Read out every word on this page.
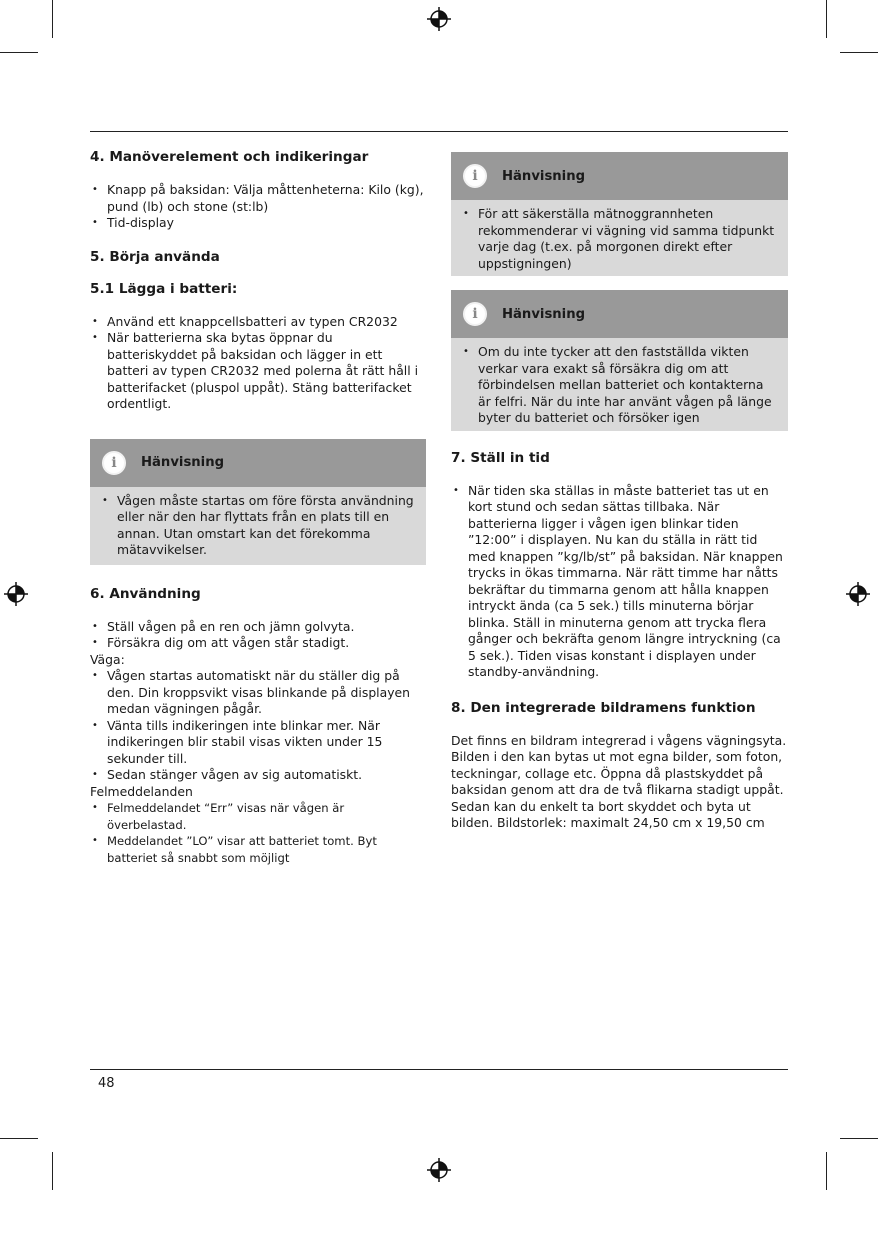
4. Manöverelement och indikeringar
• Knapp på baksidan: Välja måttenheterna: Kilo (kg), pund (lb) och stone (st:lb)
• Tid-display
5. Börja använda
5.1 Lägga i batteri:
• Använd ett knappcellsbatteri av typen CR2032
• När batterierna ska bytas öppnar du batteriskyddet på baksidan och lägger in ett batteri av typen CR2032 med polerna åt rätt håll i batterifacket (pluspol uppåt). Stäng batterifacket ordentligt.
i	Hänvisning
• Vågen måste startas om före första användning eller när den har flyttats från en plats till en annan. Utan omstart kan det förekomma mätavvikelser.
6. Användning
• Ställ vågen på en ren och jämn golvyta.
• Försäkra dig om att vågen står stadigt.

Väga:

• Vågen startas automatiskt när du ställer dig på den. Din kroppsvikt visas blinkande på displayen medan vägningen pågår.
• Vänta tills indikeringen inte blinkar mer. När indikeringen blir stabil visas vikten under 15 sekunder till.
• Sedan stänger vågen av sig automatiskt.

Felmeddelanden

• Felmeddelandet “Err” visas när vågen är överbelastad.
• Meddelandet ”LO” visar att batteriet tomt. Byt batteriet så snabbt som möjligt
i	Hänvisning
• För att säkerställa mätnoggrannheten rekommenderar vi vägning vid samma tidpunkt varje dag (t.ex. på morgonen direkt efter uppstigningen)
i	Hänvisning
• Om du inte tycker att den fastställda vikten verkar vara exakt så försäkra dig om att förbindelsen mellan batteriet och kontakterna är felfri. När du inte har använt vågen på länge byter du batteriet och försöker igen
7. Ställ in tid
• När tiden ska ställas in måste batteriet tas ut en kort stund och sedan sättas tillbaka. När batterierna ligger i vågen igen blinkar tiden ”12:00” i displayen. Nu kan du ställa in rätt tid med knappen ”kg/lb/st” på baksidan. När knappen trycks in ökas timmarna. När rätt timme har nåtts bekräftar du timmarna genom att hålla knappen intryckt ända (ca 5 sek.) tills minuterna börjar blinka. Ställ in minuterna genom att trycka flera gånger och bekräfta genom längre intryckning (ca 5 sek.). Tiden visas konstant i displayen under standby-användning.
8. Den integrerade bildramens funktion

Det finns en bildram integrerad i vågens vägningsyta. Bilden i den kan bytas ut mot egna bilder, som foton, teckningar, collage etc. Öppna då plastskyddet på baksidan genom att dra de två flikarna stadigt uppåt. Sedan kan du enkelt ta bort skyddet och byta ut bilden. Bildstorlek: maximalt 24,50 cm x 19,50 cm

48
